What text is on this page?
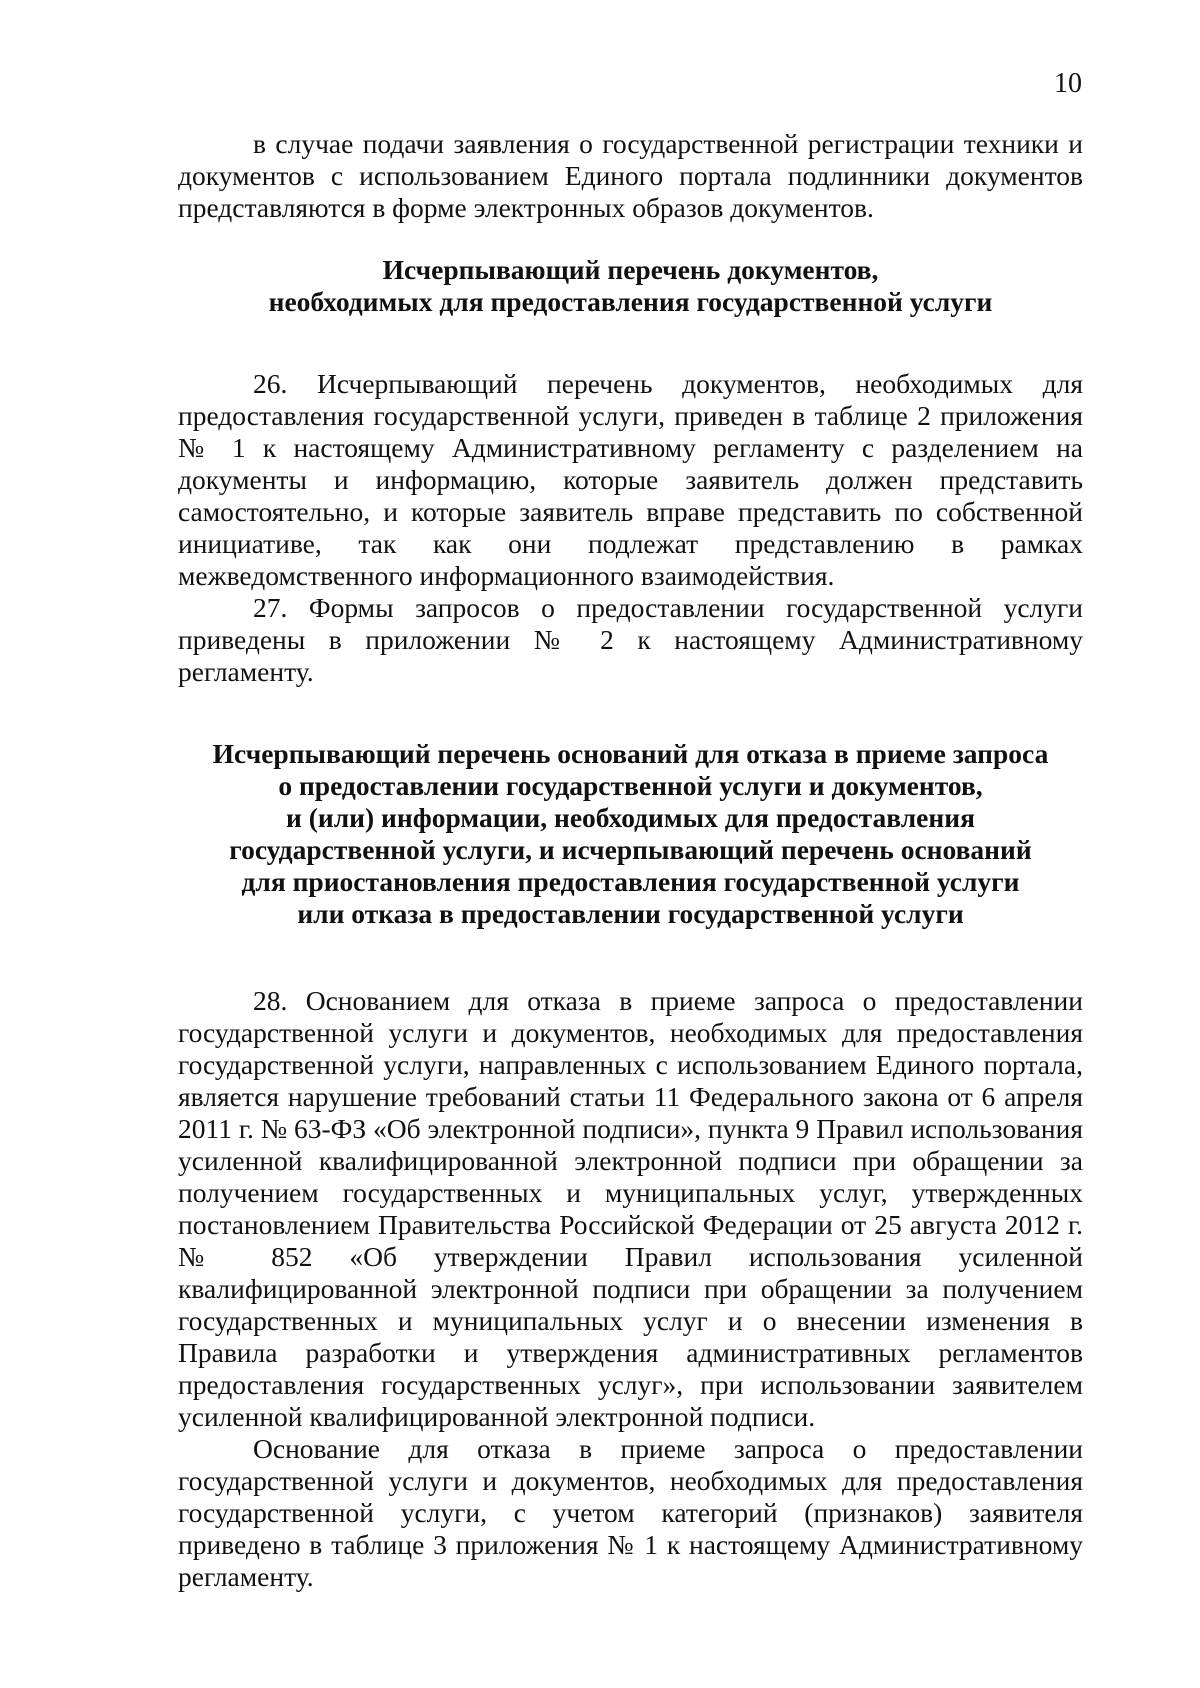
10

в случае подачи заявления о государственной регистрации техники и документов с использованием Единого портала подлинники документов представляются в форме электронных образов документов.

Исчерпывающий перечень документов,
необходимых для предоставления государственной услуги

26. Исчерпывающий перечень документов, необходимых для предоставления государственной услуги, приведен в таблице 2 приложения № 1 к настоящему Административному регламенту с разделением на документы и информацию, которые заявитель должен представить самостоятельно, и которые заявитель вправе представить по собственной инициативе, так как они подлежат представлению в рамках межведомственного информационного взаимодействия.

27. Формы запросов о предоставлении государственной услуги приведены в приложении № 2 к настоящему Административному регламенту.

Исчерпывающий перечень оснований для отказа в приеме запроса
о предоставлении государственной услуги и документов,
и (или) информации, необходимых для предоставления
государственной услуги, и исчерпывающий перечень оснований
для приостановления предоставления государственной услуги
или отказа в предоставлении государственной услуги

28. Основанием для отказа в приеме запроса о предоставлении государственной услуги и документов, необходимых для предоставления государственной услуги, направленных с использованием Единого портала, является нарушение требований статьи 11 Федерального закона от 6 апреля 2011 г. № 63-ФЗ «Об электронной подписи», пункта 9 Правил использования усиленной квалифицированной электронной подписи при обращении за получением государственных и муниципальных услуг, утвержденных постановлением Правительства Российской Федерации от 25 августа 2012 г. № 852 «Об утверждении Правил использования усиленной квалифицированной электронной подписи при обращении за получением государственных и муниципальных услуг и о внесении изменения в Правила разработки и утверждения административных регламентов предоставления государственных услуг», при использовании заявителем усиленной квалифицированной электронной подписи.

Основание для отказа в приеме запроса о предоставлении государственной услуги и документов, необходимых для предоставления государственной услуги, с учетом категорий (признаков) заявителя приведено в таблице 3 приложения № 1 к настоящему Административному регламенту.
